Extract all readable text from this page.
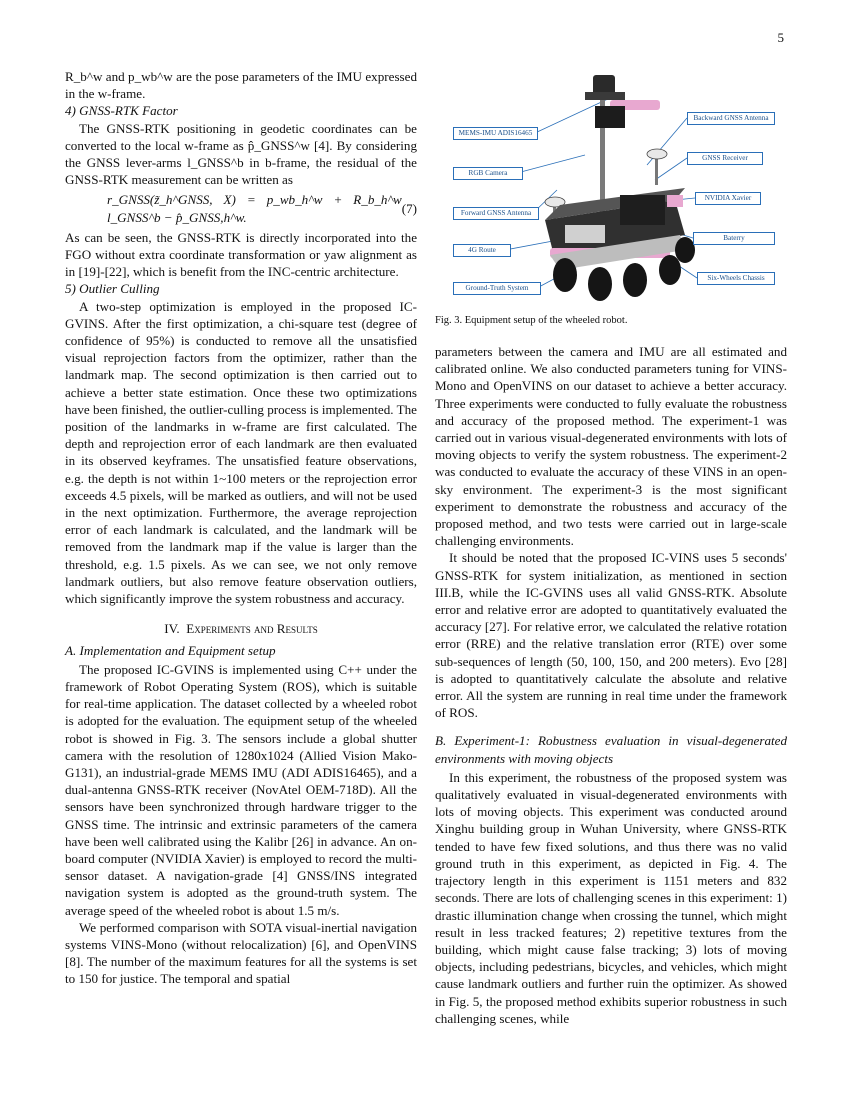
5

R_b^w and p_wb^w are the pose parameters of the IMU expressed in the w-frame.

4) GNSS-RTK Factor

The GNSS-RTK positioning in geodetic coordinates can be converted to the local w-frame as p̂_GNSS^w [4]. By considering the GNSS lever-arms l_GNSS^b in b-frame, the residual of the GNSS-RTK measurement can be written as

r_GNSS(z̃_h^GNSS, X) = p_wb_h^w + R_b_h^w l_GNSS^b − p̂_GNSS,h^w.
(7)

As can be seen, the GNSS-RTK is directly incorporated into the FGO without extra coordinate transformation or yaw alignment as in [19]-[22], which is benefit from the INC-centric architecture.

5) Outlier Culling

A two-step optimization is employed in the proposed IC-GVINS. After the first optimization, a chi-square test (degree of confidence of 95%) is conducted to remove all the unsatisfied visual reprojection factors from the optimizer, rather than the landmark map. The second optimization is then carried out to achieve a better state estimation. Once these two optimizations have been finished, the outlier-culling process is implemented. The position of the landmarks in w-frame are first calculated. The depth and reprojection error of each landmark are then evaluated in its observed keyframes. The unsatisfied feature observations, e.g. the depth is not within 1~100 meters or the reprojection error exceeds 4.5 pixels, will be marked as outliers, and will not be used in the next optimization. Furthermore, the average reprojection error of each landmark is calculated, and the landmark will be removed from the landmark map if the value is larger than the threshold, e.g. 1.5 pixels. As we can see, we not only remove landmark outliers, but also remove feature observation outliers, which significantly improve the system robustness and accuracy.

IV. Experiments and Results

A. Implementation and Equipment setup

The proposed IC-GVINS is implemented using C++ under the framework of Robot Operating System (ROS), which is suitable for real-time application. The dataset collected by a wheeled robot is adopted for the evaluation. The equipment setup of the wheeled robot is showed in Fig. 3. The sensors include a global shutter camera with the resolution of 1280x1024 (Allied Vision Mako-G131), an industrial-grade MEMS IMU (ADI ADIS16465), and a dual-antenna GNSS-RTK receiver (NovAtel OEM-718D). All the sensors have been synchronized through hardware trigger to the GNSS time. The intrinsic and extrinsic parameters of the camera have been well calibrated using the Kalibr [26] in advance. An on-board computer (NVIDIA Xavier) is employed to record the multi-sensor dataset. A navigation-grade [4] GNSS/INS integrated navigation system is adopted as the ground-truth system. The average speed of the wheeled robot is about 1.5 m/s.

We performed comparison with SOTA visual-inertial navigation systems VINS-Mono (without relocalization) [6], and OpenVINS [8]. The number of the maximum features for all the systems is set to 150 for justice. The temporal and spatial

MEMS-IMU ADIS16465
RGB Camera
Forward GNSS Antenna
4G Route
Ground-Truth System
Backward GNSS Antenna
GNSS Receiver
NVIDIA Xavier
Baterry
Six-Wheels Chassis
Fig. 3. Equipment setup of the wheeled robot.

parameters between the camera and IMU are all estimated and calibrated online. We also conducted parameters tuning for VINS-Mono and OpenVINS on our dataset to achieve a better accuracy. Three experiments were conducted to fully evaluate the robustness and accuracy of the proposed method. The experiment-1 was carried out in various visual-degenerated environments with lots of moving objects to verify the system robustness. The experiment-2 was conducted to evaluate the accuracy of these VINS in an open-sky environment. The experiment-3 is the most significant experiment to demonstrate the robustness and accuracy of the proposed method, and two tests were carried out in large-scale challenging environments.

It should be noted that the proposed IC-VINS uses 5 seconds' GNSS-RTK for system initialization, as mentioned in section III.B, while the IC-GVINS uses all valid GNSS-RTK. Absolute error and relative error are adopted to quantitatively evaluated the accuracy [27]. For relative error, we calculated the relative rotation error (RRE) and the relative translation error (RTE) over some sub-sequences of length (50, 100, 150, and 200 meters). Evo [28] is adopted to quantitatively calculate the absolute and relative error. All the system are running in real time under the framework of ROS.

B. Experiment-1: Robustness evaluation in visual-degenerated environments with moving objects

In this experiment, the robustness of the proposed system was qualitatively evaluated in visual-degenerated environments with lots of moving objects. This experiment was conducted around Xinghu building group in Wuhan University, where GNSS-RTK tended to have few fixed solutions, and thus there was no valid ground truth in this experiment, as depicted in Fig. 4. The trajectory length in this experiment is 1151 meters and 832 seconds. There are lots of challenging scenes in this experiment: 1) drastic illumination change when crossing the tunnel, which might result in less tracked features; 2) repetitive textures from the building, which might cause false tracking; 3) lots of moving objects, including pedestrians, bicycles, and vehicles, which might cause landmark outliers and further ruin the optimizer. As showed in Fig. 5, the proposed method exhibits superior robustness in such challenging scenes, while
